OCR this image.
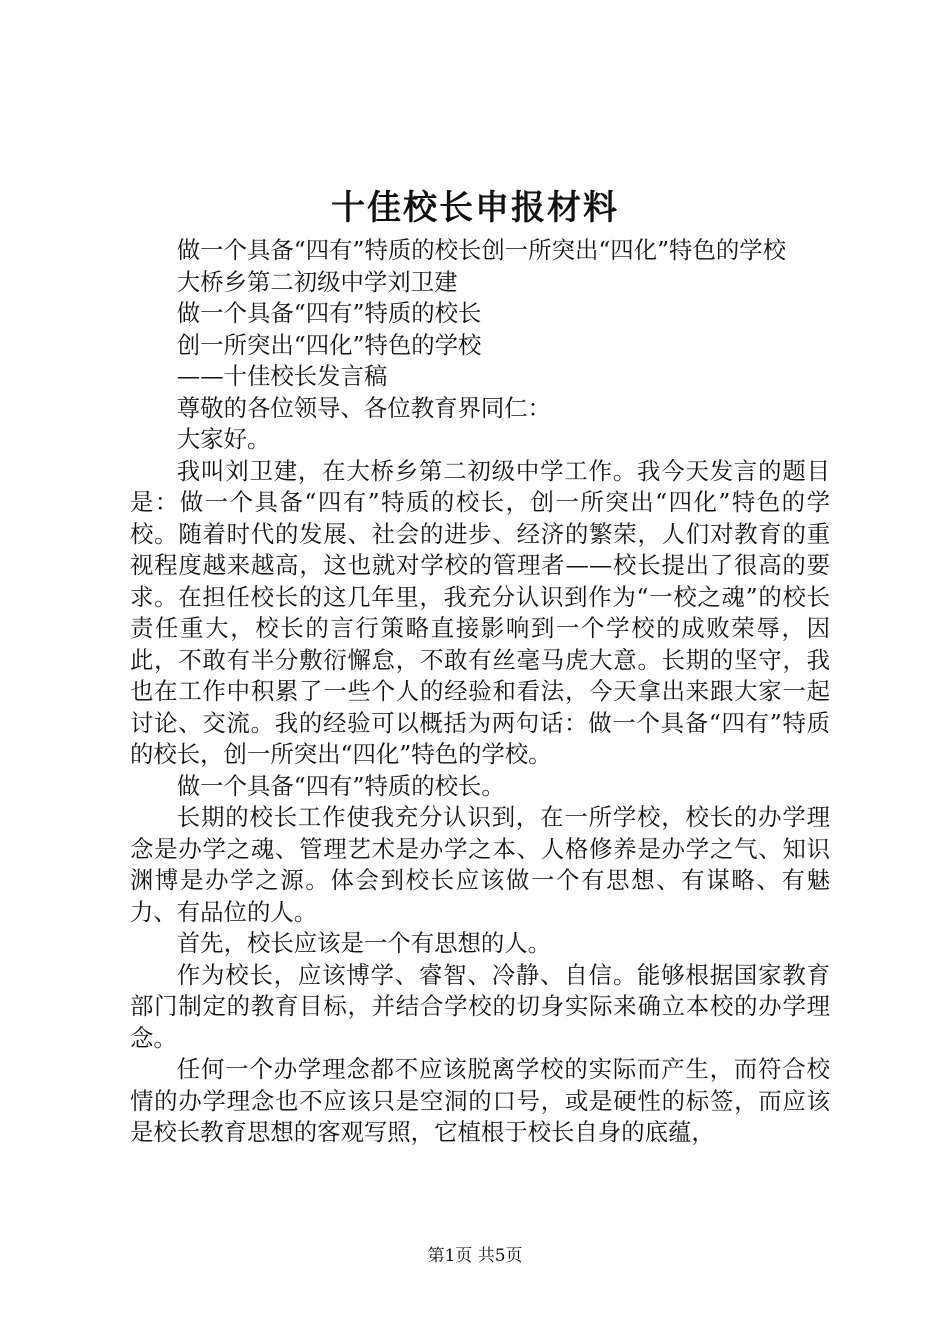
十佳校长申报材料

做一个具备“四有”特质的校长创一所突出“四化”特色的学校

大桥乡第二初级中学刘卫建

做一个具备“四有”特质的校长

创一所突出“四化”特色的学校

——十佳校长发言稿

尊敬的各位领导、各位教育界同仁：

大家好。

我叫刘卫建，在大桥乡第二初级中学工作。我今天发言的题目是：做一个具备“四有”特质的校长，创一所突出“四化”特色的学校。随着时代的发展、社会的进步、经济的繁荣，人们对教育的重视程度越来越高，这也就对学校的管理者——校长提出了很高的要求。在担任校长的这几年里，我充分认识到作为“一校之魂”的校长责任重大，校长的言行策略直接影响到一个学校的成败荣辱，因此，不敢有半分敷衍懈怠，不敢有丝毫马虎大意。长期的坚守，我也在工作中积累了一些个人的经验和看法，今天拿出来跟大家一起讨论、交流。我的经验可以概括为两句话：做一个具备“四有”特质的校长，创一所突出“四化”特色的学校。

做一个具备“四有”特质的校长。

长期的校长工作使我充分认识到，在一所学校，校长的办学理念是办学之魂、管理艺术是办学之本、人格修养是办学之气、知识渊博是办学之源。体会到校长应该做一个有思想、有谋略、有魅力、有品位的人。

首先，校长应该是一个有思想的人。

作为校长，应该博学、睿智、冷静、自信。能够根据国家教育部门制定的教育目标，并结合学校的切身实际来确立本校的办学理念。

任何一个办学理念都不应该脱离学校的实际而产生，而符合校情的办学理念也不应该只是空洞的口号，或是硬性的标签，而应该是校长教育思想的客观写照，它植根于校长自身的底蕴，

第1页 共5页
